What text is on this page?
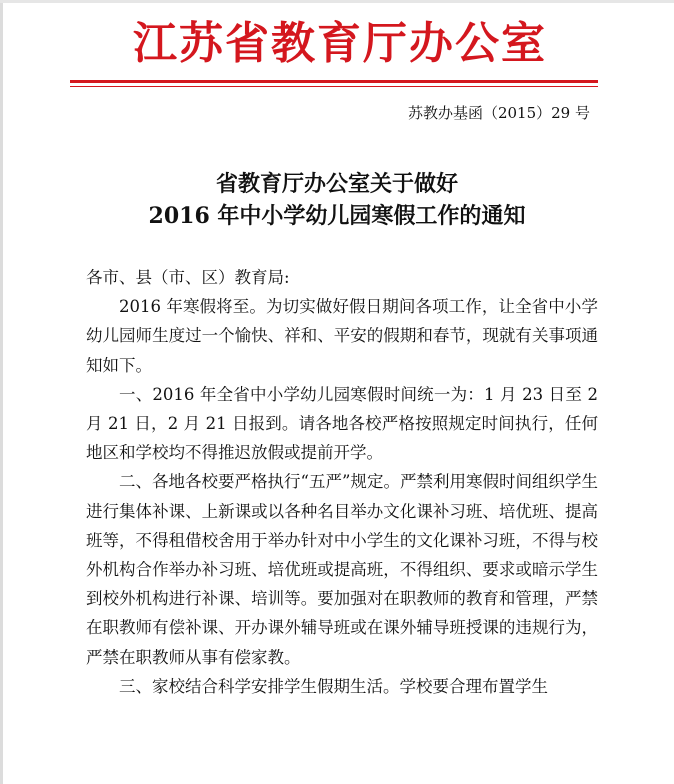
江苏省教育厅办公室
苏教办基函（2015）29 号
省教育厅办公室关于做好
2016 年中小学幼儿园寒假工作的通知

各市、县（市、区）教育局:

2016 年寒假将至。为切实做好假日期间各项工作，让全省中小学幼儿园师生度过一个愉快、祥和、平安的假期和春节，现就有关事项通知如下。

一、2016 年全省中小学幼儿园寒假时间统一为：1 月 23 日至 2 月 21 日，2 月 21 日报到。请各地各校严格按照规定时间执行，任何地区和学校均不得推迟放假或提前开学。

二、各地各校要严格执行“五严”规定。严禁利用寒假时间组织学生进行集体补课、上新课或以各种名目举办文化课补习班、培优班、提高班等，不得租借校舍用于举办针对中小学生的文化课补习班，不得与校外机构合作举办补习班、培优班或提高班，不得组织、要求或暗示学生到校外机构进行补课、培训等。要加强对在职教师的教育和管理，严禁在职教师有偿补课、开办课外辅导班或在课外辅导班授课的违规行为，严禁在职教师从事有偿家教。

三、家校结合科学安排学生假期生活。学校要合理布置学生
